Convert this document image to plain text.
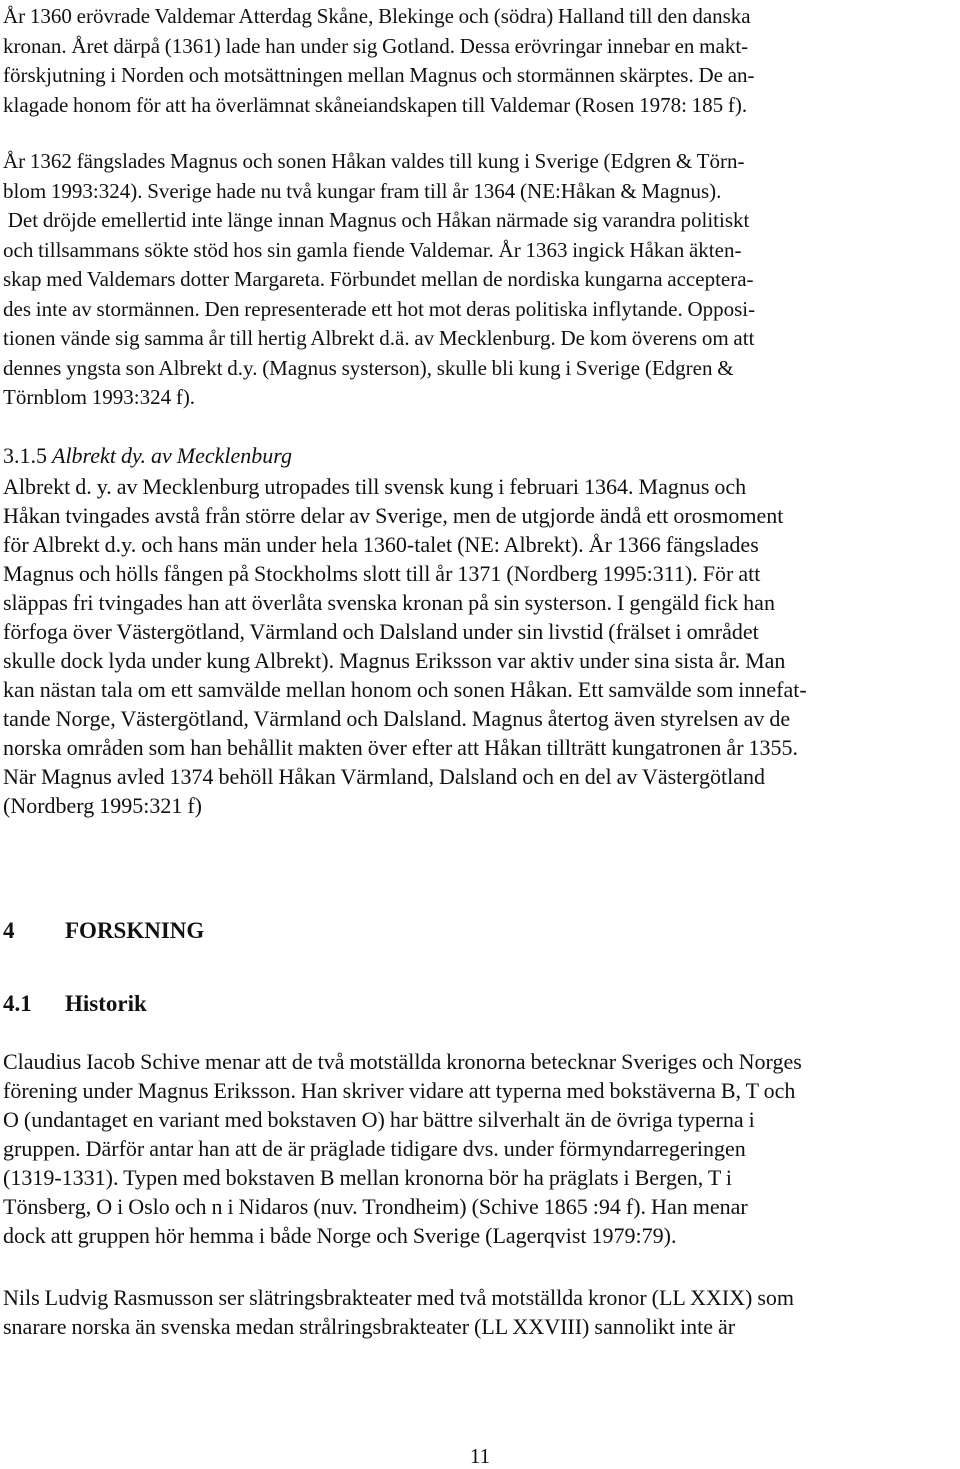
År 1360 erövrade Valdemar Atterdag Skåne, Blekinge och (södra) Halland till den danska
kronan. Året därpå (1361) lade han under sig Gotland. Dessa erövringar innebar en makt-
förskjutning i Norden och motsättningen mellan Magnus och stormännen skärptes. De an-
klagade honom för att ha överlämnat skåneiandskapen till Valdemar (Rosen 1978: 185 f).

År 1362 fängslades Magnus och sonen Håkan valdes till kung i Sverige (Edgren & Törn-
blom 1993:324). Sverige hade nu två kungar fram till år 1364 (NE:Håkan & Magnus).
Det dröjde emellertid inte länge innan Magnus och Håkan närmade sig varandra politiskt
och tillsammans sökte stöd hos sin gamla fiende Valdemar. År 1363 ingick Håkan äkten-
skap med Valdemars dotter Margareta. Förbundet mellan de nordiska kungarna acceptera-
des inte av stormännen. Den representerade ett hot mot deras politiska inflytande. Opposi-
tionen vände sig samma år till hertig Albrekt d.ä. av Mecklenburg. De kom överens om att
dennes yngsta son Albrekt d.y. (Magnus systerson), skulle bli kung i Sverige (Edgren &
Törnblom 1993:324 f).

3.1.5 Albrekt dy. av Mecklenburg

Albrekt d. y. av Mecklenburg utropades till svensk kung i februari 1364. Magnus och
Håkan tvingades avstå från större delar av Sverige, men de utgjorde ändå ett orosmoment
för Albrekt d.y. och hans män under hela 1360-talet (NE: Albrekt). År 1366 fängslades
Magnus och hölls fången på Stockholms slott till år 1371 (Nordberg 1995:311). För att
släppas fri tvingades han att överlåta svenska kronan på sin systerson. I gengäld fick han
förfoga över Västergötland, Värmland och Dalsland under sin livstid (frälset i området
skulle dock lyda under kung Albrekt). Magnus Eriksson var aktiv under sina sista år. Man
kan nästan tala om ett samvälde mellan honom och sonen Håkan. Ett samvälde som innefat-
tande Norge, Västergötland, Värmland och Dalsland. Magnus återtog även styrelsen av de
norska områden som han behållit makten över efter att Håkan tillträtt kungatronen år 1355.
När Magnus avled 1374 behöll Håkan Värmland, Dalsland och en del av Västergötland
(Nordberg 1995:321 f)

4 FORSKNING

4.1 Historik

Claudius Iacob Schive menar att de två motställda kronorna betecknar Sveriges och Norges
förening under Magnus Eriksson. Han skriver vidare att typerna med bokstäverna B, T och
O (undantaget en variant med bokstaven O) har bättre silverhalt än de övriga typerna i
gruppen. Därför antar han att de är präglade tidigare dvs. under förmyndarregeringen
(1319-1331). Typen med bokstaven B mellan kronorna bör ha präglats i Bergen, T i
Tönsberg, O i Oslo och n i Nidaros (nuv. Trondheim) (Schive 1865 :94 f). Han menar
dock att gruppen hör hemma i både Norge och Sverige (Lagerqvist 1979:79).

Nils Ludvig Rasmusson ser slätringsbrakteater med två motställda kronor (LL XXIX) som
snarare norska än svenska medan strålringsbrakteater (LL XXVIII) sannolikt inte är

11
